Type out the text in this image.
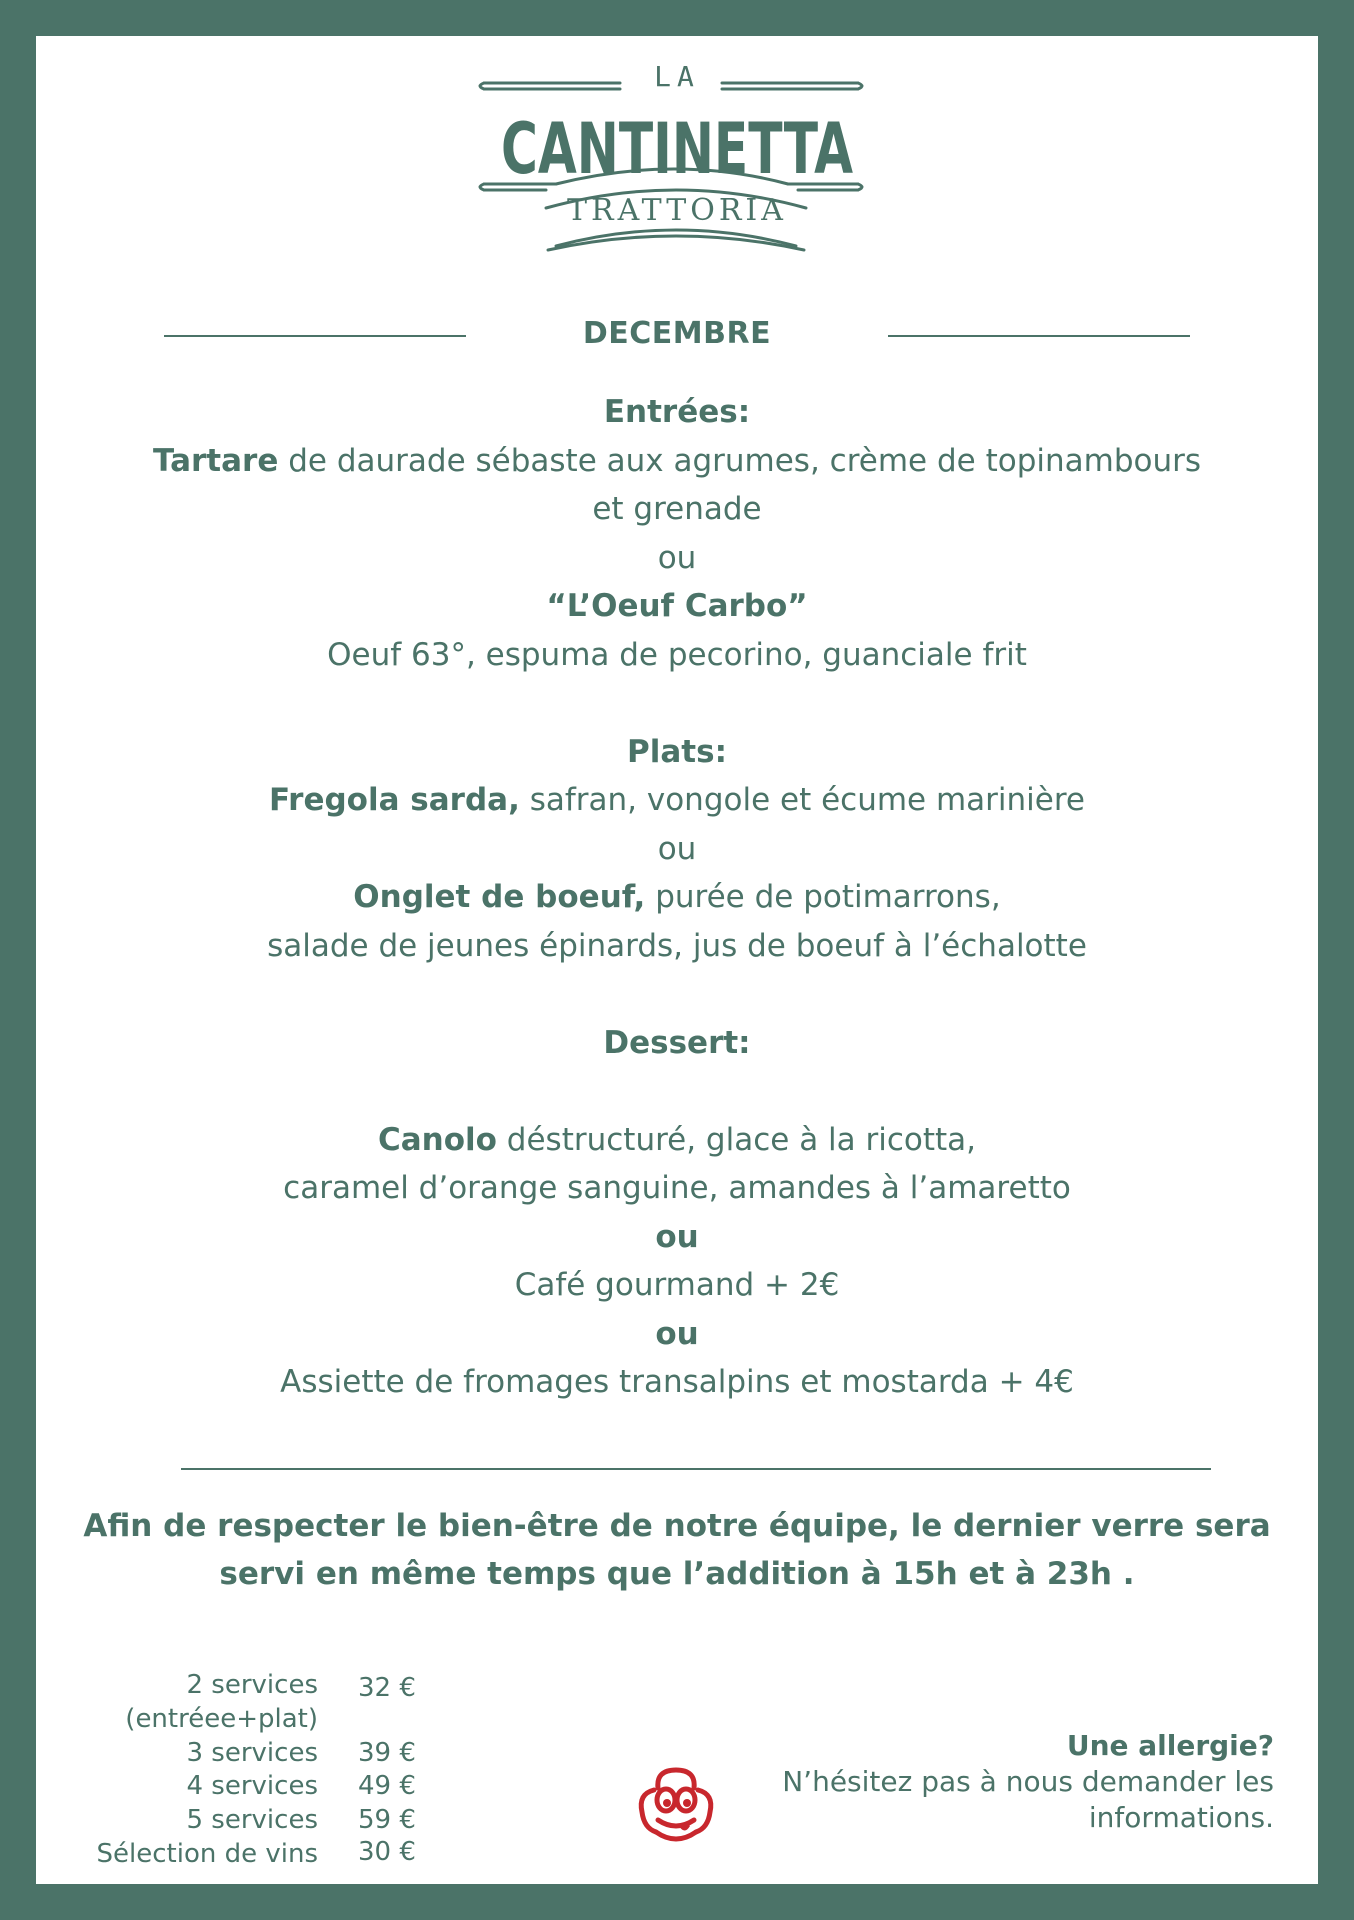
LA
CANTINETTA
TRATTORIA
DECEMBRE
Entrées:
Tartare de daurade sébaste aux agrumes, crème de topinambours
et grenade
ou
“L’Oeuf Carbo”
Oeuf 63°, espuma de pecorino, guanciale frit
Plats:
Fregola sarda, safran, vongole et écume marinière
ou
Onglet de boeuf, purée de potimarrons,
salade de jeunes épinards, jus de boeuf à l’échalotte
Dessert:
Canolo déstructuré, glace à la ricotta,
caramel d’orange sanguine, amandes à l’amaretto
ou
Café gourmand + 2€
ou
Assiette de fromages transalpins et mostarda + 4€
Afin de respecter le bien-être de notre équipe, le dernier verre sera
servi en même temps que l’addition à 15h et à 23h .
2 services 32 €
(entréee+plat)
3 services 39 €
4 services 49 €
5 services 59 €
Sélection de vins 30 €
Une allergie?
N’hésitez pas à nous demander les
informations.
